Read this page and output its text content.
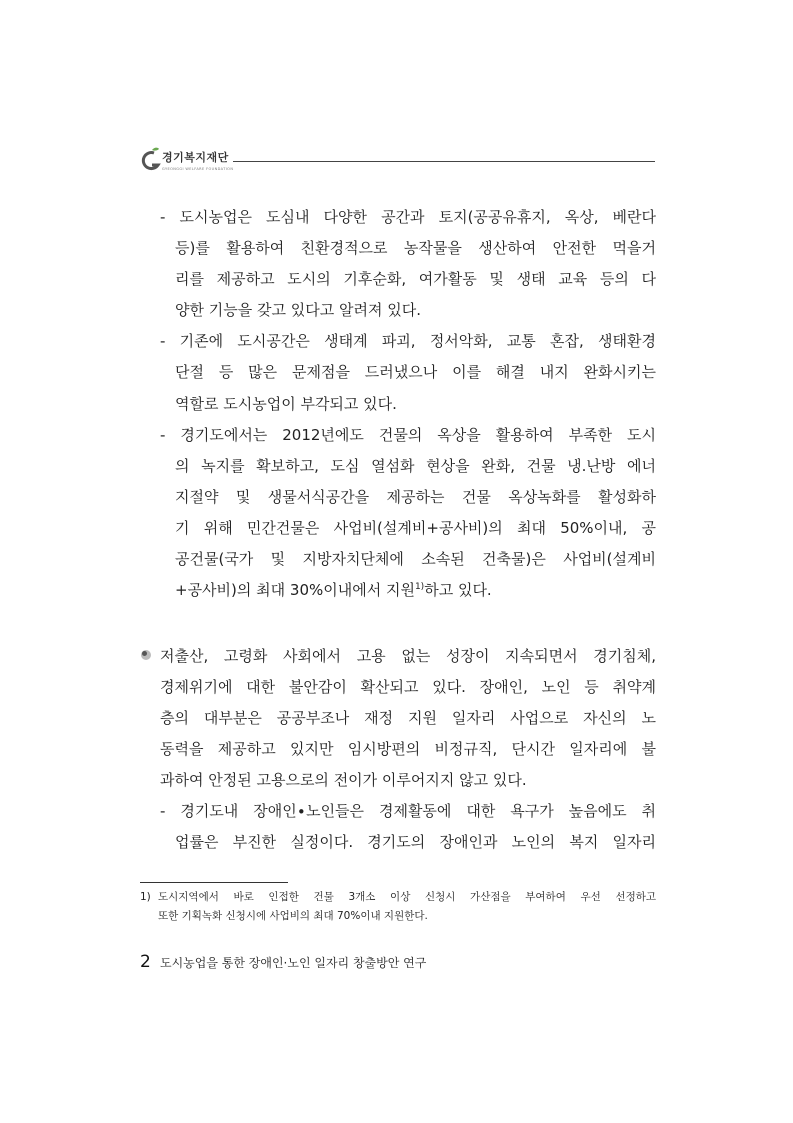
경기복지재단
GYEONGGI WELFARE FOUNDATION
- 도시농업은 도심내 다양한 공간과 토지(공공유휴지, 옥상, 베란다
등)를 활용하여 친환경적으로 농작물을 생산하여 안전한 먹을거
리를 제공하고 도시의 기후순화, 여가활동 및 생태 교육 등의 다
양한 기능을 갖고 있다고 알려져 있다.
- 기존에 도시공간은 생태계 파괴, 정서악화, 교통 혼잡, 생태환경
단절 등 많은 문제점을 드러냈으나 이를 해결 내지 완화시키는
역할로 도시농업이 부각되고 있다.
- 경기도에서는 2012년에도 건물의 옥상을 활용하여 부족한 도시
의 녹지를 확보하고, 도심 열섬화 현상을 완화, 건물 냉.난방 에너
지절약 및 생물서식공간을 제공하는 건물 옥상녹화를 활성화하
기 위해 민간건물은 사업비(설계비+공사비)의 최대 50%이내, 공
공건물(국가 및 지방자치단체에 소속된 건축물)은 사업비(설계비
+공사비)의 최대 30%이내에서 지원$^{1)}$하고 있다.
저출산, 고령화 사회에서 고용 없는 성장이 지속되면서 경기침체,
경제위기에 대한 불안감이 확산되고 있다. 장애인, 노인 등 취약계
층의 대부분은 공공부조나 재정 지원 일자리 사업으로 자신의 노
동력을 제공하고 있지만 임시방편의 비정규직, 단시간 일자리에 불
과하여 안정된 고용으로의 전이가 이루어지지 않고 있다.
- 경기도내 장애인∙노인들은 경제활동에 대한 욕구가 높음에도 취
업률은 부진한 실정이다. 경기도의 장애인과 노인의 복지 일자리
1) 도시지역에서 바로 인접한 건물 3개소 이상 신청시 가산점을 부여하여 우선 선정하고
또한 기획녹화 신청시에 사업비의 최대 70%이내 지원한다.
2 도시농업을 통한 장애인·노인 일자리 창출방안 연구
